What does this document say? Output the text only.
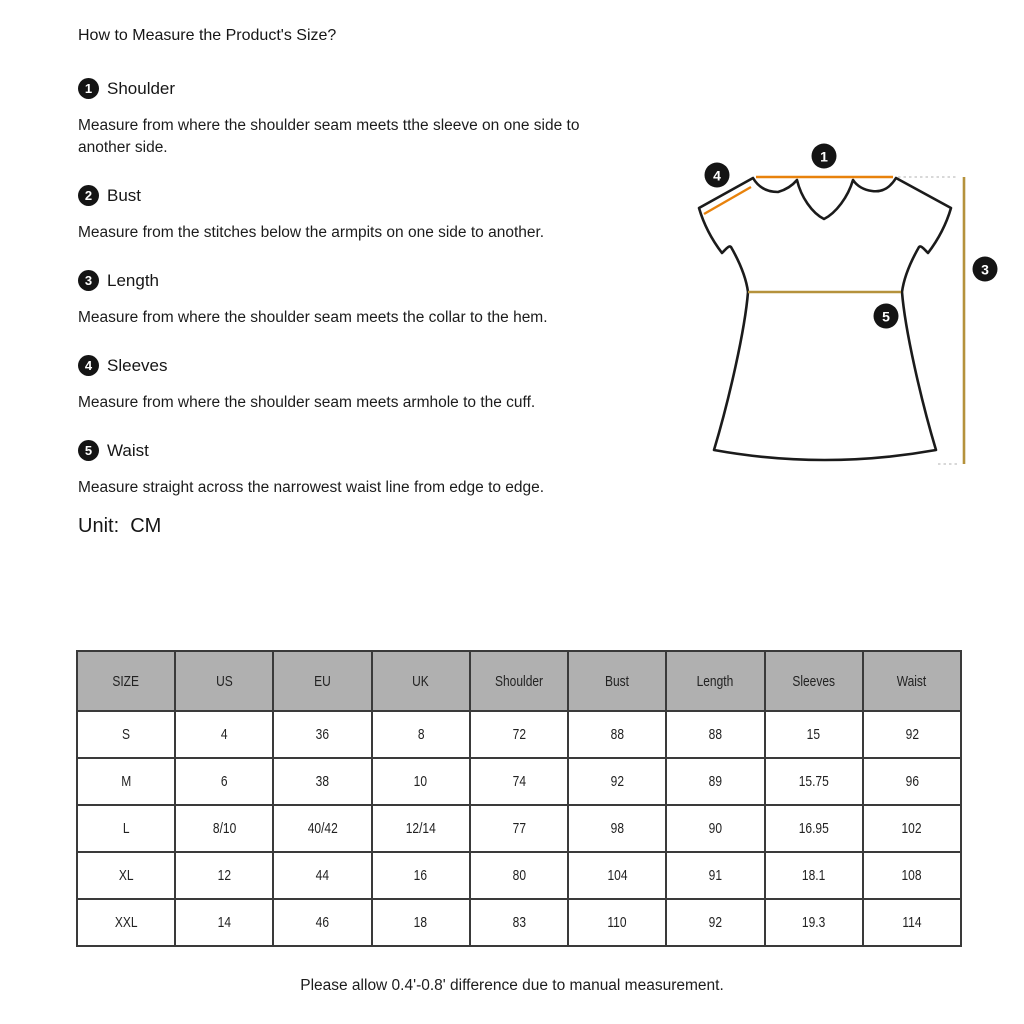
How to Measure the Product's Size?
1 Shoulder

Measure from where the shoulder seam meets tthe sleeve on one side to another side.

2 Bust

Measure from the stitches below the armpits on one side to another.

3 Length

Measure from where the shoulder seam meets the collar to the hem.

4 Sleeves

Measure from where the shoulder seam meets armhole to the cuff.

5 Waist

Measure straight across the narrowest waist line from edge to edge.

Unit:  CM
1
4
3
5
SIZE	US	EU	UK	Shoulder	Bust	Length	Sleeves	Waist
S	4	36	8	72	88	88	15	92
M	6	38	10	74	92	89	15.75	96
L	8/10	40/42	12/14	77	98	90	16.95	102
XL	12	44	16	80	104	91	18.1	108
XXL	14	46	18	83	110	92	19.3	114
Please allow 0.4'-0.8' difference due to manual measurement.
